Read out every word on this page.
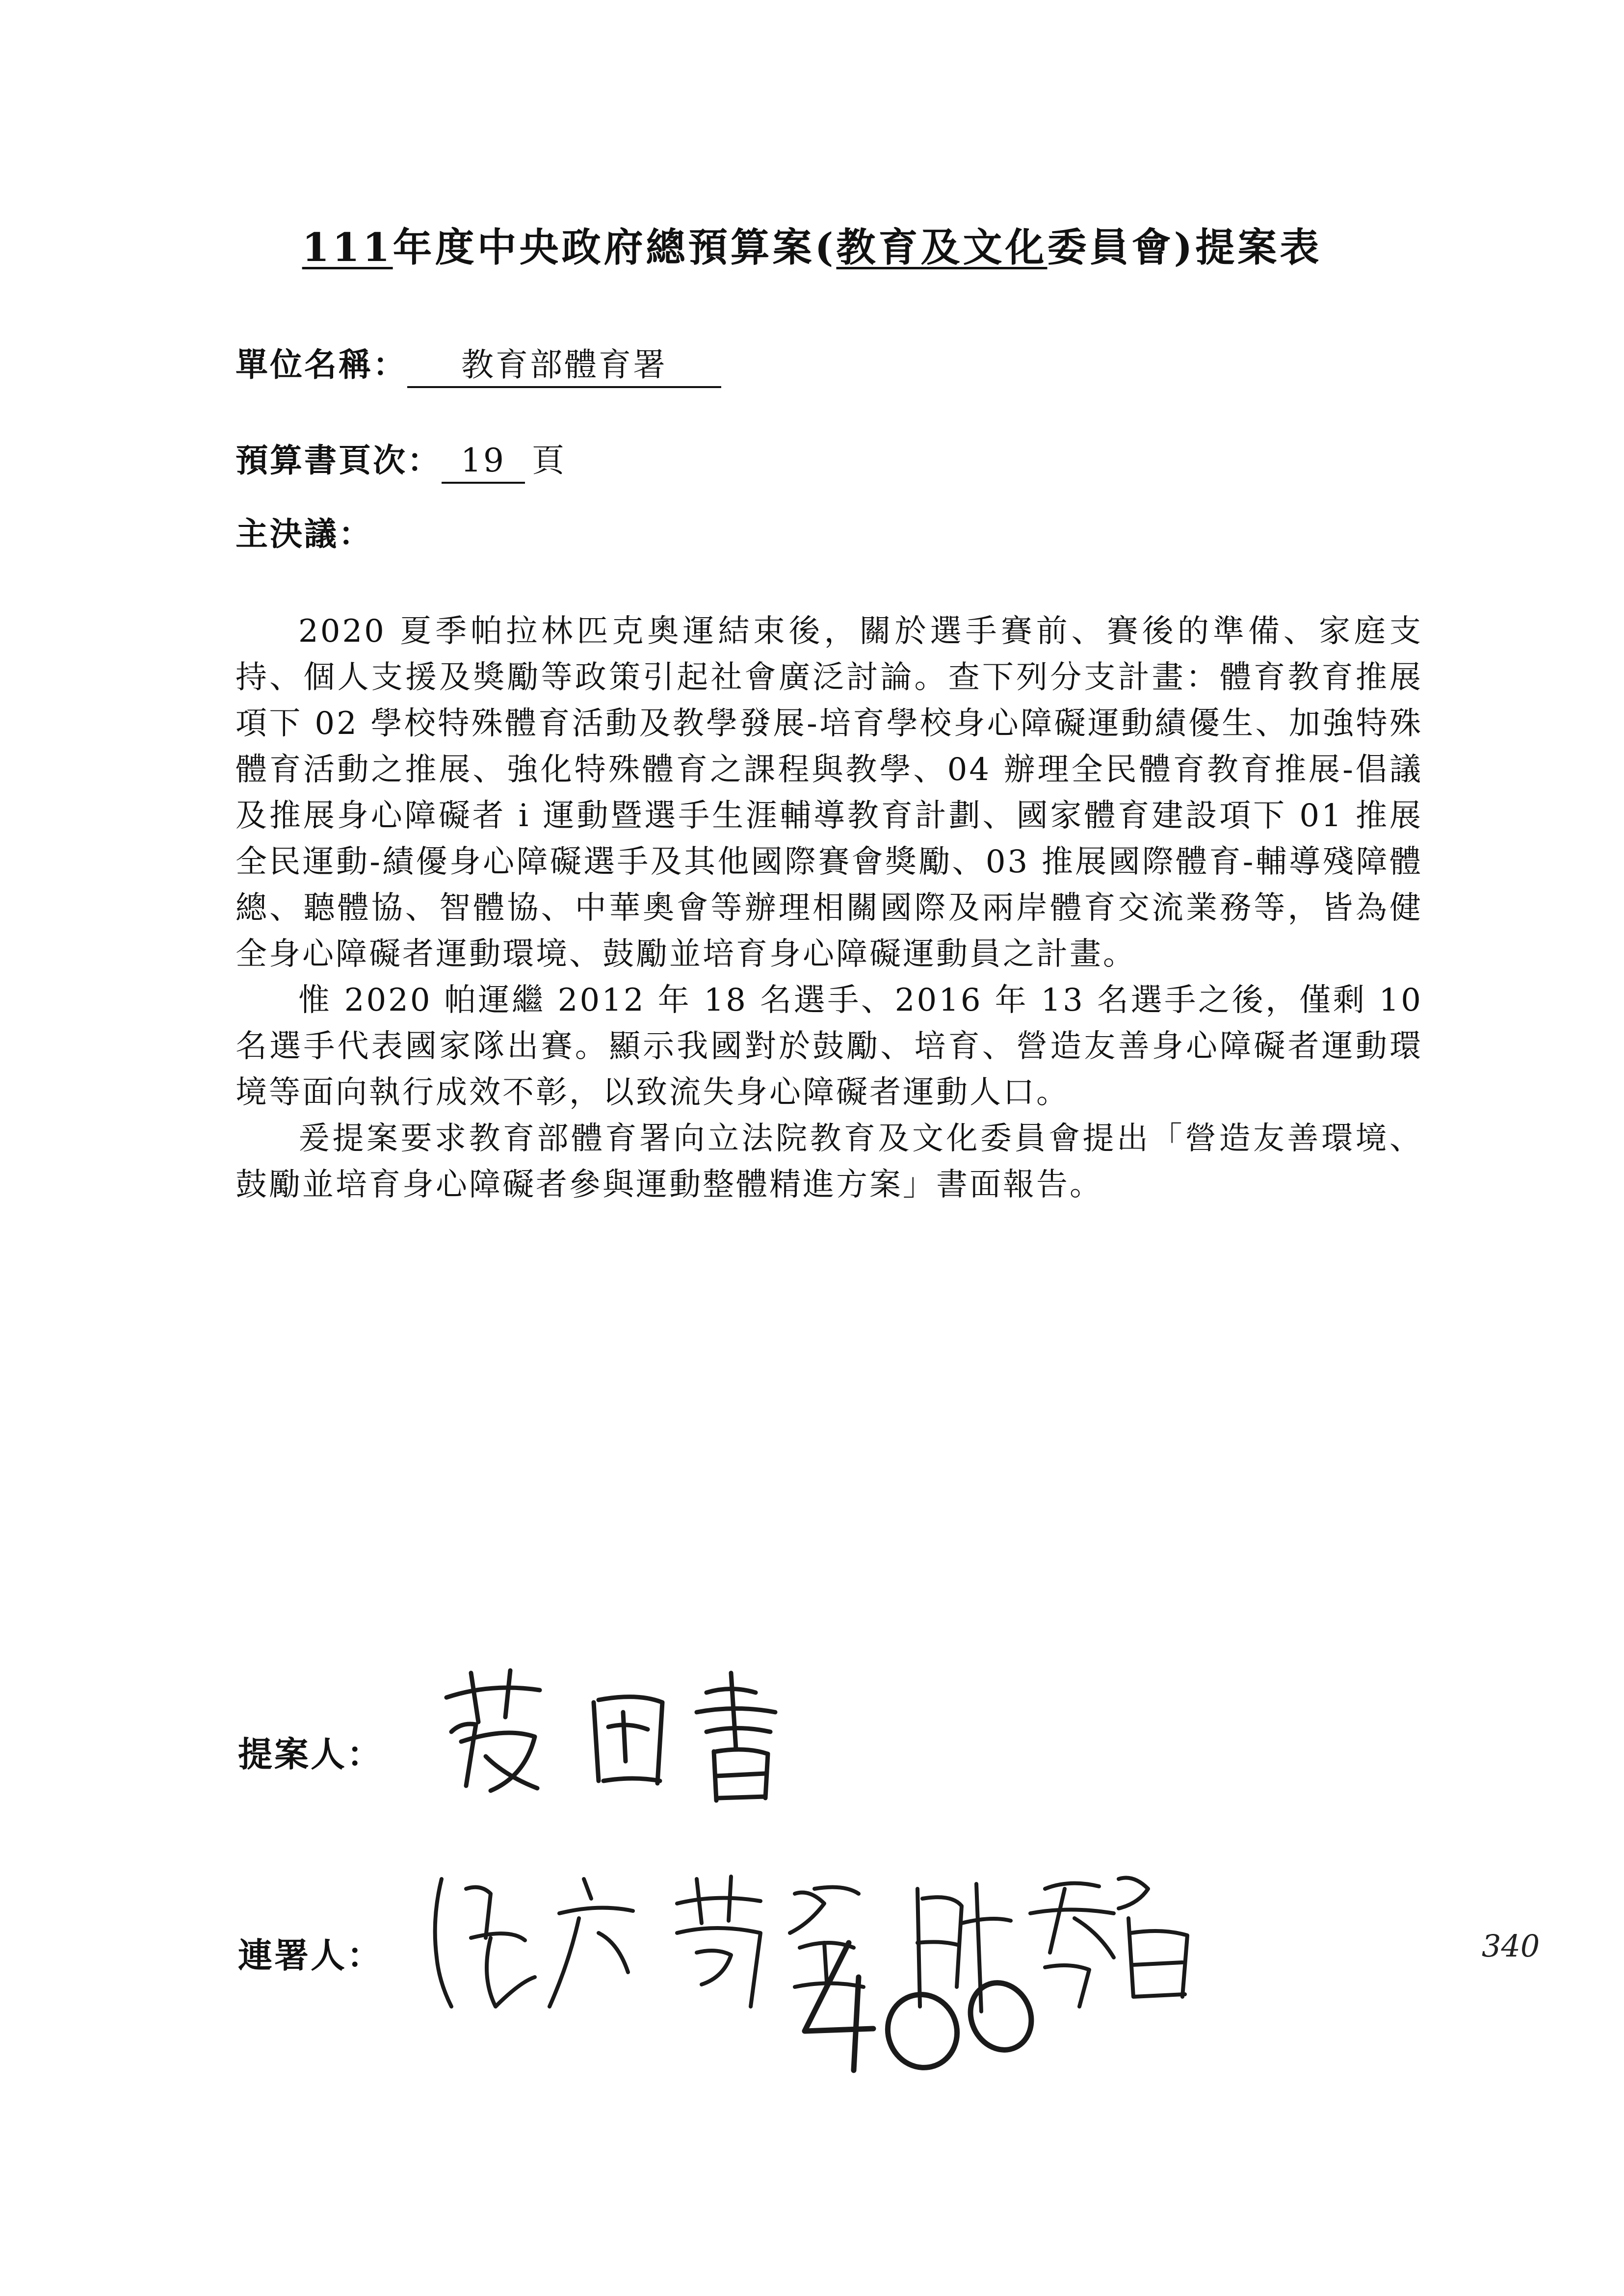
111年度中央政府總預算案(教育及文化委員會)提案表
單位名稱： 教育部體育署
預算書頁次： 19 頁
主決議：

2020 夏季帕拉林匹克奧運結束後，關於選手賽前、賽後的準備、家庭支持、個人支援及獎勵等政策引起社會廣泛討論。查下列分支計畫：體育教育推展項下 02 學校特殊體育活動及教學發展-培育學校身心障礙運動績優生、加強特殊體育活動之推展、強化特殊體育之課程與教學、04 辦理全民體育教育推展-倡議及推展身心障礙者 i 運動暨選手生涯輔導教育計劃、國家體育建設項下 01 推展全民運動-績優身心障礙選手及其他國際賽會獎勵、03 推展國際體育-輔導殘障體總、聽體協、智體協、中華奧會等辦理相關國際及兩岸體育交流業務等，皆為健全身心障礙者運動環境、鼓勵並培育身心障礙運動員之計畫。

惟 2020 帕運繼 2012 年 18 名選手、2016 年 13 名選手之後，僅剩 10 名選手代表國家隊出賽。顯示我國對於鼓勵、培育、營造友善身心障礙者運動環境等面向執行成效不彰，以致流失身心障礙者運動人口。

爰提案要求教育部體育署向立法院教育及文化委員會提出「營造友善環境、鼓勵並培育身心障礙者參與運動整體精進方案」書面報告。

提案人：
連署人：	340
